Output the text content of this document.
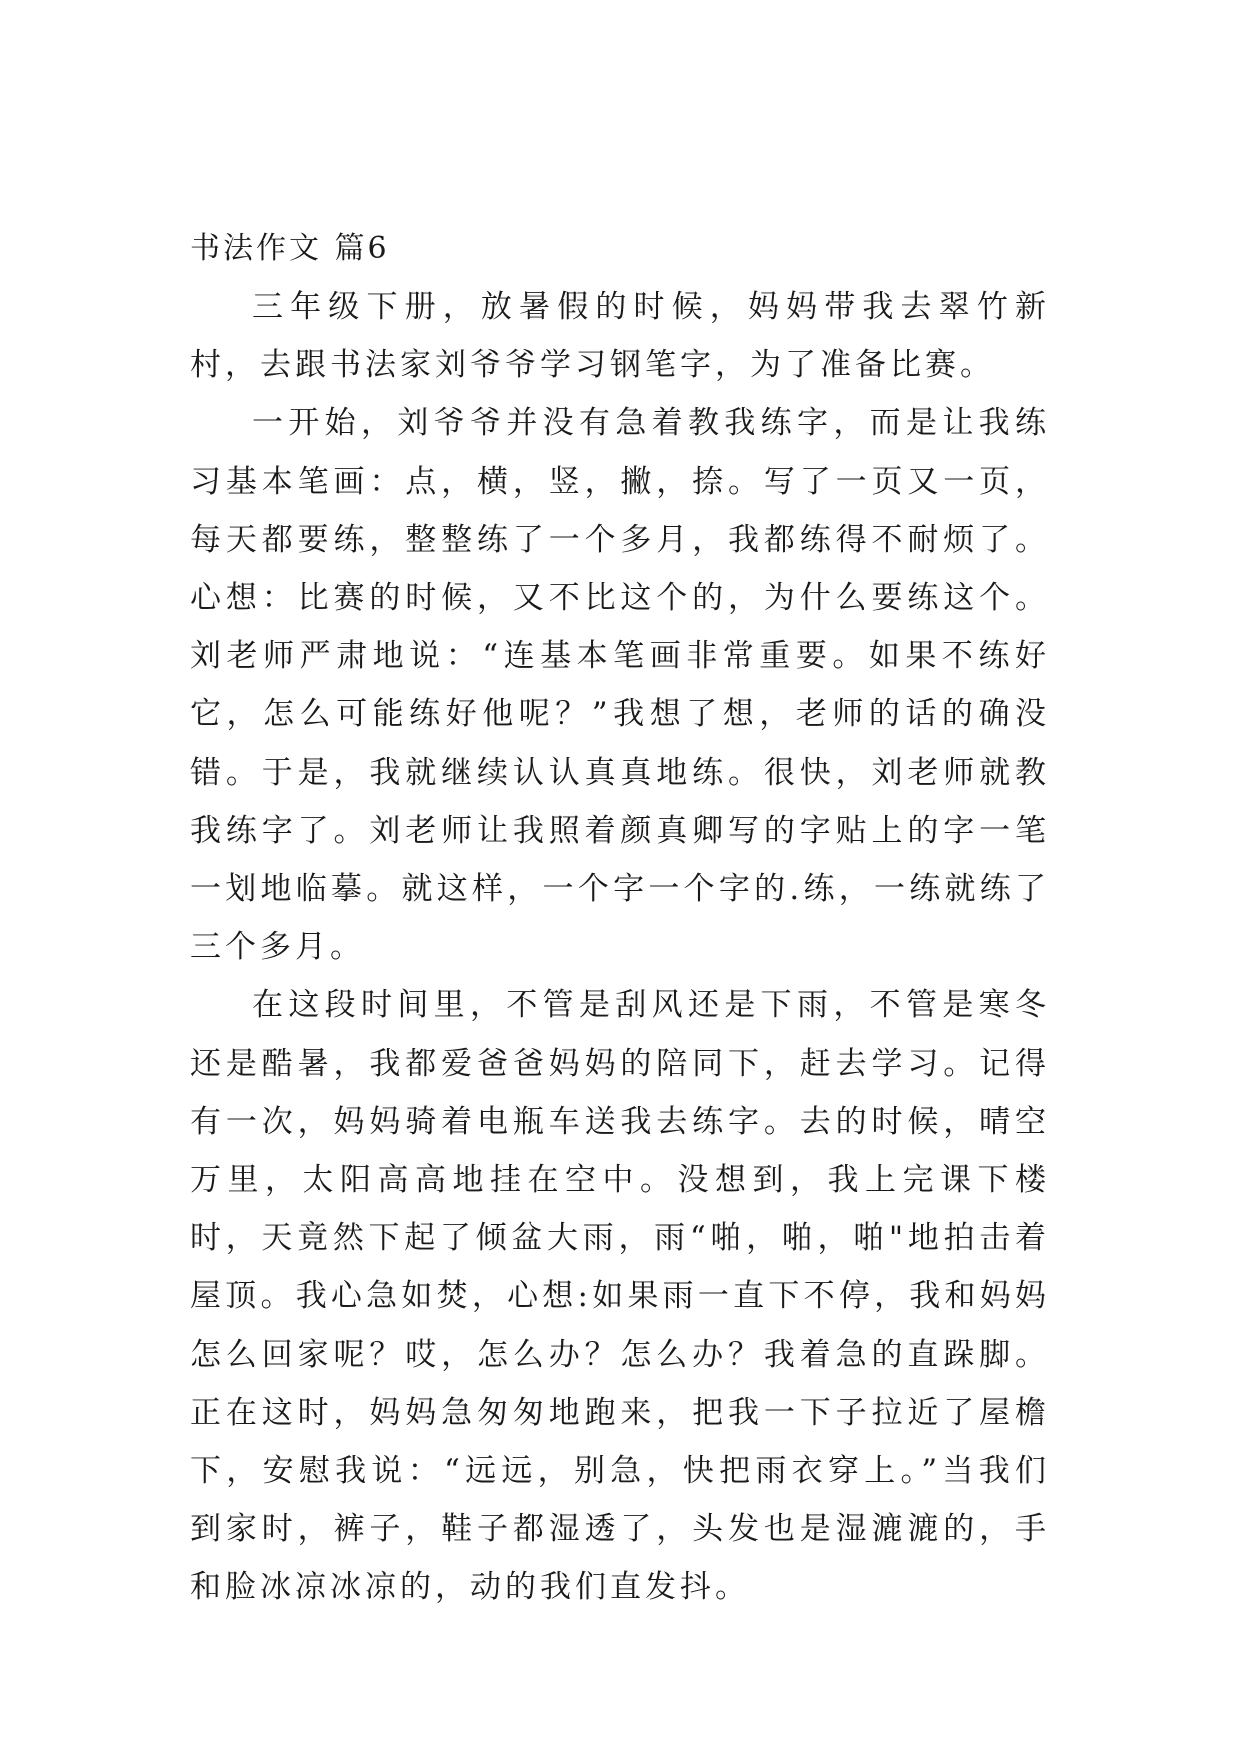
书法作文 篇6

三年级下册，放暑假的时候，妈妈带我去翠竹新村，去跟书法家刘爷爷学习钢笔字，为了准备比赛。

一开始，刘爷爷并没有急着教我练字，而是让我练习基本笔画：点，横，竖，撇，捺。写了一页又一页，每天都要练，整整练了一个多月，我都练得不耐烦了。心想：比赛的时候，又不比这个的，为什么要练这个。刘老师严肃地说：“连基本笔画非常重要。如果不练好它，怎么可能练好他呢？”我想了想，老师的话的确没错。于是，我就继续认认真真地练。很快，刘老师就教我练字了。刘老师让我照着颜真卿写的字贴上的字一笔一划地临摹。就这样，一个字一个字的.练，一练就练了三个多月。

在这段时间里，不管是刮风还是下雨，不管是寒冬还是酷暑，我都爱爸爸妈妈的陪同下，赶去学习。记得有一次，妈妈骑着电瓶车送我去练字。去的时候，晴空万里，太阳高高地挂在空中。没想到，我上完课下楼时，天竟然下起了倾盆大雨，雨“啪，啪，啪"地拍击着屋顶。我心急如焚，心想:如果雨一直下不停，我和妈妈怎么回家呢？哎，怎么办？怎么办？我着急的直跺脚。正在这时，妈妈急匆匆地跑来，把我一下子拉近了屋檐下，安慰我说：“远远，别急，快把雨衣穿上。”当我们到家时，裤子，鞋子都湿透了，头发也是湿漉漉的，手和脸冰凉冰凉的，动的我们直发抖。
